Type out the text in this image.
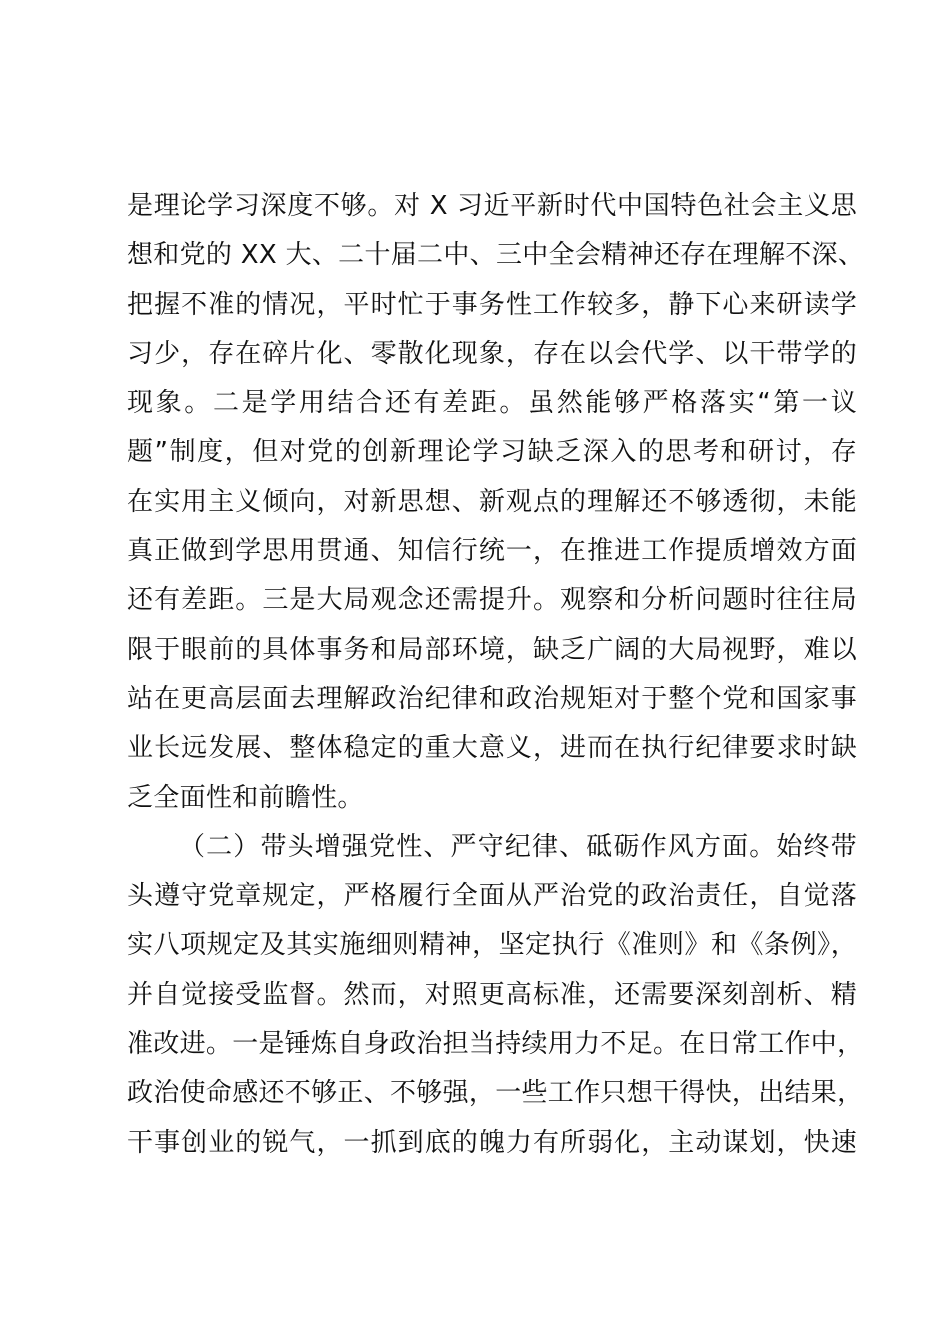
是理论学习深度不够。对 X 习近平新时代中国特色社会主义思
想和党的 XX 大、二十届二中、三中全会精神还存在理解不深、
把握不准的情况，平时忙于事务性工作较多，静下心来研读学
习少，存在碎片化、零散化现象，存在以会代学、以干带学的
现象。二是学用结合还有差距。虽然能够严格落实“第一议
题”制度，但对党的创新理论学习缺乏深入的思考和研讨，存
在实用主义倾向，对新思想、新观点的理解还不够透彻，未能
真正做到学思用贯通、知信行统一，在推进工作提质增效方面
还有差距。三是大局观念还需提升。观察和分析问题时往往局
限于眼前的具体事务和局部环境，缺乏广阔的大局视野，难以
站在更高层面去理解政治纪律和政治规矩对于整个党和国家事
业长远发展、整体稳定的重大意义，进而在执行纪律要求时缺
乏全面性和前瞻性。
（二）带头增强党性、严守纪律、砥砺作风方面。始终带
头遵守党章规定，严格履行全面从严治党的政治责任，自觉落
实八项规定及其实施细则精神，坚定执行《准则》和《条例》，
并自觉接受监督。然而，对照更高标准，还需要深刻剖析、精
准改进。一是锤炼自身政治担当持续用力不足。在日常工作中，
政治使命感还不够正、不够强，一些工作只想干得快，出结果，
干事创业的锐气，一抓到底的魄力有所弱化，主动谋划，快速
